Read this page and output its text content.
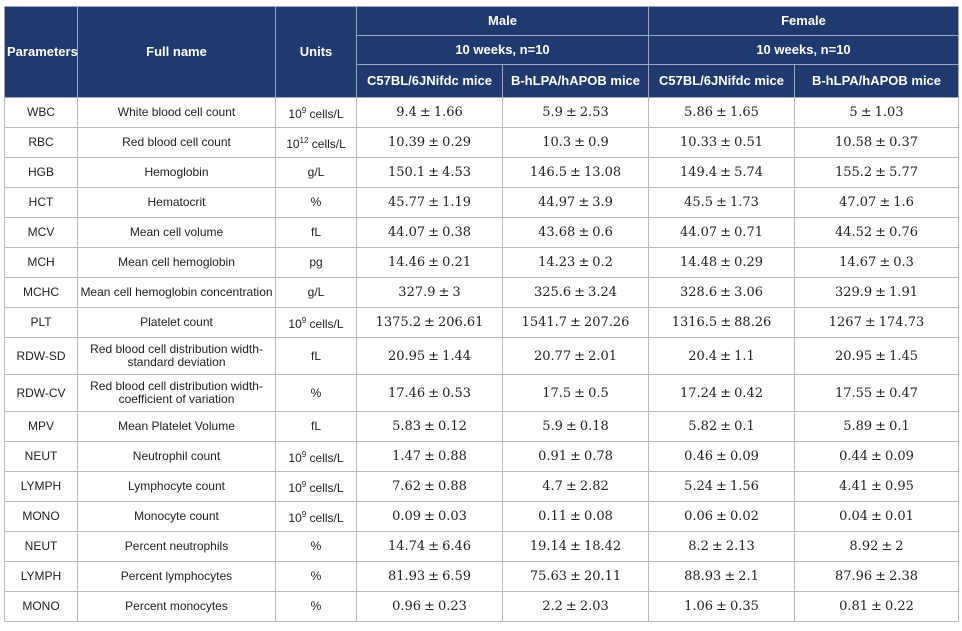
Parameters	Full name	Units	Male		Female	
			10 weeks, n=10		10 weeks, n=10	
			C57BL/6JNifdc mice	B-hLPA/hAPOB mice	C57BL/6JNifdc mice	B-hLPA/hAPOB mice
WBC	White blood cell count	$10^9$ cells/L	9.4 ± 1.66	5.9 ± 2.53	5.86 ± 1.65	5 ± 1.03
RBC	Red blood cell count	$10^{12}$ cells/L	10.39 ± 0.29	10.3 ± 0.9	10.33 ± 0.51	10.58 ± 0.37
HGB	Hemoglobin	g/L	150.1 ± 4.53	146.5 ± 13.08	149.4 ± 5.74	155.2 ± 5.77
HCT	Hematocrit	%	45.77 ± 1.19	44.97 ± 3.9	45.5 ± 1.73	47.07 ± 1.6
MCV	Mean cell volume	fL	44.07 ± 0.38	43.68 ± 0.6	44.07 ± 0.71	44.52 ± 0.76
MCH	Mean cell hemoglobin	pg	14.46 ± 0.21	14.23 ± 0.2	14.48 ± 0.29	14.67 ± 0.3
MCHC	Mean cell hemoglobin concentration	g/L	327.9 ± 3	325.6 ± 3.24	328.6 ± 3.06	329.9 ± 1.91
PLT	Platelet count	$10^9$ cells/L	1375.2 ± 206.61	1541.7 ± 207.26	1316.5 ± 88.26	1267 ± 174.73
RDW-SD	Red blood cell distribution width-standard deviation	fL	20.95 ± 1.44	20.77 ± 2.01	20.4 ± 1.1	20.95 ± 1.45
RDW-CV	Red blood cell distribution width-coefficient of variation	%	17.46 ± 0.53	17.5 ± 0.5	17.24 ± 0.42	17.55 ± 0.47
MPV	Mean Platelet Volume	fL	5.83 ± 0.12	5.9 ± 0.18	5.82 ± 0.1	5.89 ± 0.1
NEUT	Neutrophil count	$10^9$ cells/L	1.47 ± 0.88	0.91 ± 0.78	0.46 ± 0.09	0.44 ± 0.09
LYMPH	Lymphocyte count	$10^9$ cells/L	7.62 ± 0.88	4.7 ± 2.82	5.24 ± 1.56	4.41 ± 0.95
MONO	Monocyte count	$10^9$ cells/L	0.09 ± 0.03	0.11 ± 0.08	0.06 ± 0.02	0.04 ± 0.01
NEUT	Percent neutrophils	%	14.74 ± 6.46	19.14 ± 18.42	8.2 ± 2.13	8.92 ± 2
LYMPH	Percent lymphocytes	%	81.93 ± 6.59	75.63 ± 20.11	88.93 ± 2.1	87.96 ± 2.38
MONO	Percent monocytes	%	0.96 ± 0.23	2.2 ± 2.03	1.06 ± 0.35	0.81 ± 0.22
